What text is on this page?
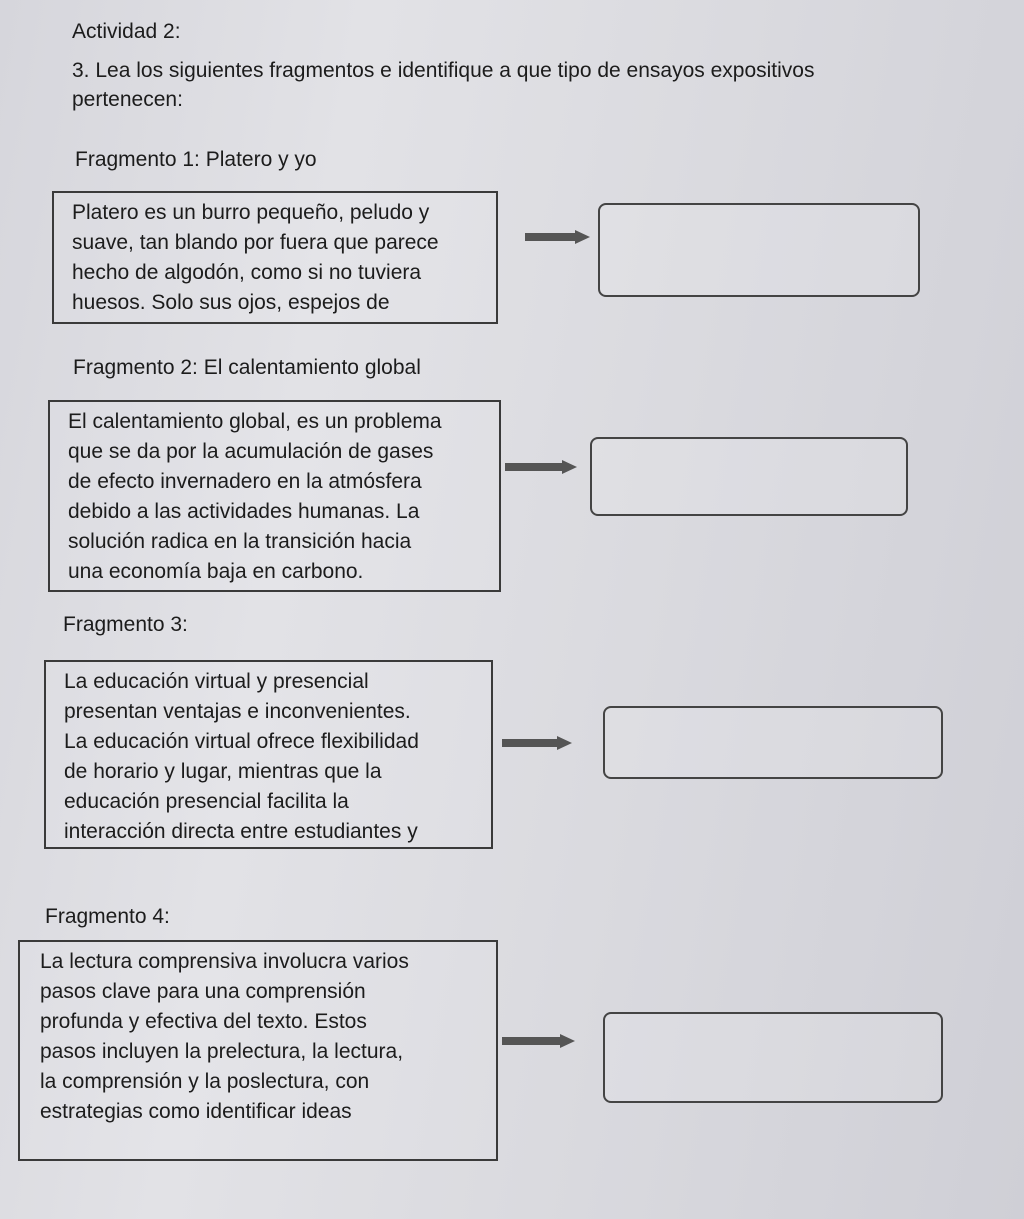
Actividad 2:
3. Lea los siguientes fragmentos e identifique a que tipo de ensayos expositivos
pertenecen:
Fragmento 1: Platero y yo
Platero es un burro pequeño, peludo y
suave, tan blando por fuera que parece
hecho de algodón, como si no tuviera
huesos. Solo sus ojos, espejos de
Fragmento 2: El calentamiento global
El calentamiento global, es un problema
que se da por la acumulación de gases
de efecto invernadero en la atmósfera
debido a las actividades humanas. La
solución radica en la transición hacia
una economía baja en carbono.
Fragmento 3:
La educación virtual y presencial
presentan ventajas e inconvenientes.
La educación virtual ofrece flexibilidad
de horario y lugar, mientras que la
educación presencial facilita la
interacción directa entre estudiantes y
Fragmento 4:
La lectura comprensiva involucra varios
pasos clave para una comprensión
profunda y efectiva del texto. Estos
pasos incluyen la prelectura, la lectura,
la comprensión y la poslectura, con
estrategias como identificar ideas
